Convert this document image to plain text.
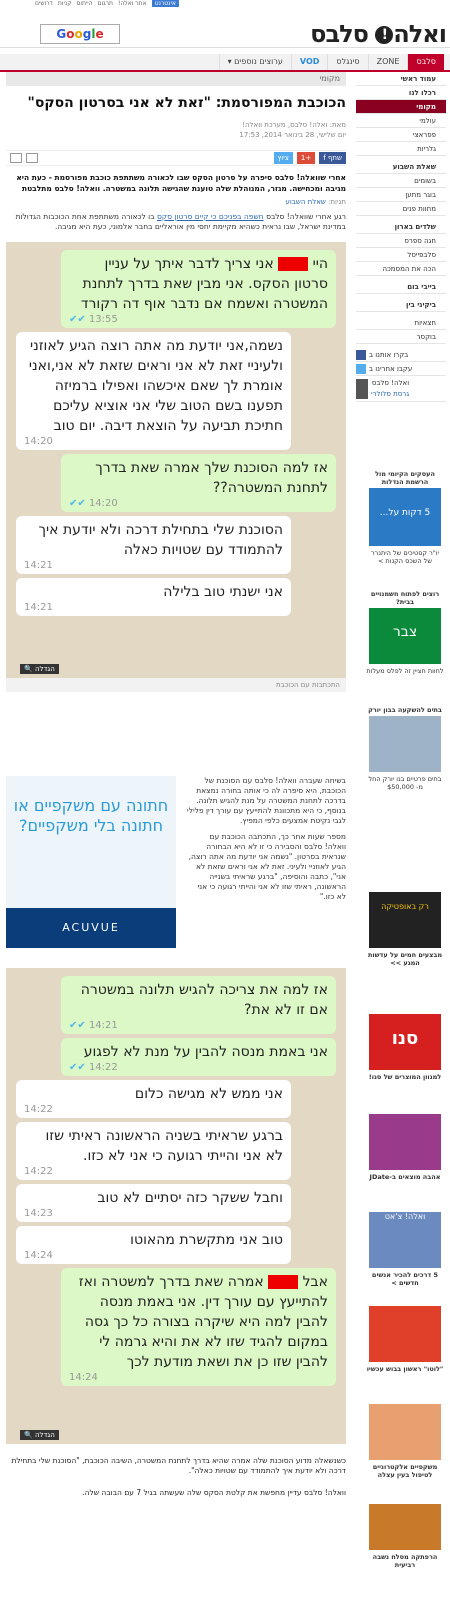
אינטרנט
אתר ואלה!
תרגום
הייתוס
קניות
דרושים
ואלה! סלבס
Google
סלבס
ZONE
סינגלס
VOD
ערוצים נוספים ▾
עמוד ראשי
רכלו לנו
מקומי
עולמי
פפראצי
גלריות
שאלת השבוע
בשומים
בוגר מתען
מחוות פנים
שלדים בארון
חגה ספרס
סלבפייסל
הכה את המסמכה
בייבי בום
ביקיני בין
חצאיות
בוקסר
בקרו אותנו ב
עקבו אחרינו ב
ואלה! סלבס
גרסת סלולרי
העסקים הקיומי מול הרשמת הנדלות
5 דקות על...
יו"ר קסטיכים של היתנרר של השכס הקנות >
רוצים לפתוח חשמנויים בבית?
צבר
לחוות חציין זה לפלס מעלות
בתים להשקעה בבון יורק
בתים פרטיים בנו יורק החל מ- $50,000
רק באופטיקה
מבצעים חמים על עדשות המגע >>
סנו
למגוון המוצרים של סנו!
אהבה מוצאים ב-JDate
ואלה! צ'אט
5 דרכים להכיר אנשים חדשים >
"לוטו" ראשון בבוש עכשיו
משקפיים אלקטרוניים לטיפול בעין עצלה
הרפתקה מסלח נשבה רביעית
מקומי
הכוכבת המפורסמת: "זאת לא אני בסרטון הסקס"
מאת: ואלה! סלבס, מערכת וואלה!
יום שלישי, 28 בינואר 2014, 17:53
שתף f
+1
ציוץ
אחרי שוואלה! סלבס סיפרה על סרטון הסקס שבו לכאורה משתתפת כוכבת מפורסמת - כעת היא מגיבה ומכחישה. מגזר, המנוהלת שלה טוענת שהגישה תלונה במשטרה. וואלה! סלבס מתלבטת
תגיות: שאלת השבוע
רגע אחרי שוואלה! סלבס חשפה בפניכם כי קיים סרטון סקס בו לכאורה משתתפת אחת הכוכבות הגדולות במדינת ישראל, שבו נראית כשהיא מקיימת יחסי מין אוראליים בחבר אלמוני, כעת היא מגיבה.
היי  אני צריך לדבר איתך על עניין סרטון הסקס. אני מבין שאת בדרך לתחנת המשטרה ואשמח אם נדבר אוף דה רקורד
13:55 ✔✔
נשמה,אני יודעת מה אתה רוצה הגיע לאוזני ולעיניי זאת לא אני וראים שזאת לא אני,ואני אומרת לך שאם איכשהו ואפילו ברמיזה תפענו בשם הטוב שלי אני אוציא עליכם חתיכת תביעה על הוצאת דיבה. יום טוב
14:20
אז למה הסוכנת שלך אמרה שאת בדרך לתחנת המשטרה??
14:20 ✔✔
הסוכנת שלי בתחילת דרכה ולא יודעת איך להתמודד עם שטויות כאלה
14:21
אני ישנתי טוב בלילה
14:21
הגדלה 🔍
התכתבות עם הכוכבת
חתונה עם משקפיים או חתונה בלי משקפיים?
ACUVUE
בשיחה שעברה וואלה! סלבס עם הסוכנת של הכוכבת, היא סיפרה לה כי אותה בחורה נמצאת בדרכה לתחנת המשטרה על מנת להגיש תלונה. בנוסף, כי היא מתכוונת להתייעץ עם עורך דין פלילי לגבי נקיטת אמצעים כלפי המפיץ.
מספר שעות אחר כך, התכתבה הכוכבת עם וואלה! סלבס והסבירה כי זו לא היא הבחורה שנראית בסרטון. "נשמה אני יודעת מה אתה רוצה, הגיע לאוזניי ולעיני. זאת לא אני וראים שזאת לא אני", כתבה והוסיפה, "ברגע שראיתי בשנייה הראשונה, ראיתי שזו לא אני והייתי רגועה כי אני לא כזו."
אז למה את צריכה להגיש תלונה במשטרה אם זו לא את?
14:21 ✔✔
אני באמת מנסה להבין על מנת לא לפגוע
14:22 ✔✔
אני ממש לא מגישה כלום
14:22
ברגע שראיתי בשניה הראשונה ראיתי שזו לא אני והייתי רגועה כי אני לא כזו.
14:22
וחבל ששקר כזה יסתיים לא טוב
14:23
טוב אני מתקשרת מהאוטו
14:24
אבל  אמרה שאת בדרך למשטרה ואז להתייעץ עם עורך דין. אני באמת מנסה להבין למה היא שיקרה בצורה כל כך גסה במקום להגיד שזו לא את והיא גרמה לי להבין שזו כן את ושאת מודעת לכך
14:24
הגדלה 🔍
כשנשאלה מדוע הסוכנת שלה אמרה שהיא בדרך לתחנת המשטרה, השיבה הכוכבת, "הסוכנת שלי בתחילת דרכה ולא יודעת איך להתמודד עם שטויות כאלה".
וואלה! סלבס עדיין מחפשת את קלטת הסקס שלה שעשתה בגיל 7 עם הבובה שלה.
